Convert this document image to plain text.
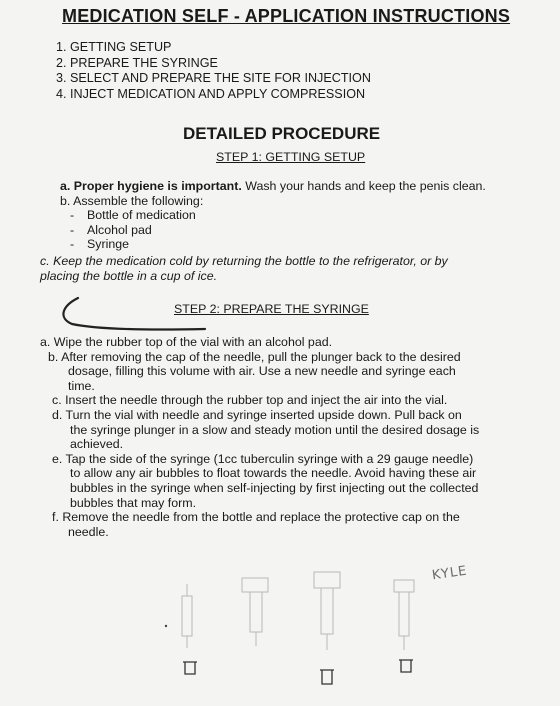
MEDICATION SELF - APPLICATION INSTRUCTIONS
1. GETTING SETUP
2. PREPARE THE SYRINGE
3. SELECT AND PREPARE THE SITE FOR INJECTION
4. INJECT MEDICATION AND APPLY COMPRESSION
DETAILED PROCEDURE
STEP 1: GETTING SETUP
a. Proper hygiene is important. Wash your hands and keep the penis clean.
b. Assemble the following:
- Bottle of medication
- Alcohol pad
- Syringe
c. Keep the medication cold by returning the bottle to the refrigerator, or by
placing the bottle in a cup of ice.
STEP 2: PREPARE THE SYRINGE
a. Wipe the rubber top of the vial with an alcohol pad.
b. After removing the cap of the needle, pull the plunger back to the desired
dosage, filling this volume with air. Use a new needle and syringe each
time.
c. Insert the needle through the rubber top and inject the air into the vial.
d. Turn the vial with needle and syringe inserted upside down. Pull back on
the syringe plunger in a slow and steady motion until the desired dosage is
achieved.
e. Tap the side of the syringe (1cc tuberculin syringe with a 29 gauge needle)
to allow any air bubbles to float towards the needle. Avoid having these air
bubbles in the syringe when self-injecting by first injecting out the collected
bubbles that may form.
f. Remove the needle from the bottle and replace the protective cap on the
needle.
KYLE
